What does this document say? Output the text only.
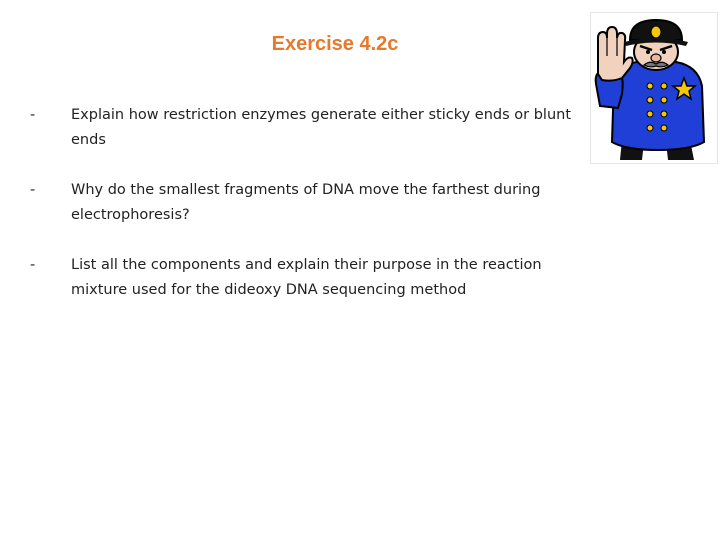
Exercise 4.2c
-	Explain how restriction enzymes generate either sticky ends or blunt ends
-	Why do the smallest fragments of DNA move the farthest during electrophoresis?
-	List all the components and explain their purpose in the reaction mixture used for the dideoxy DNA sequencing method
